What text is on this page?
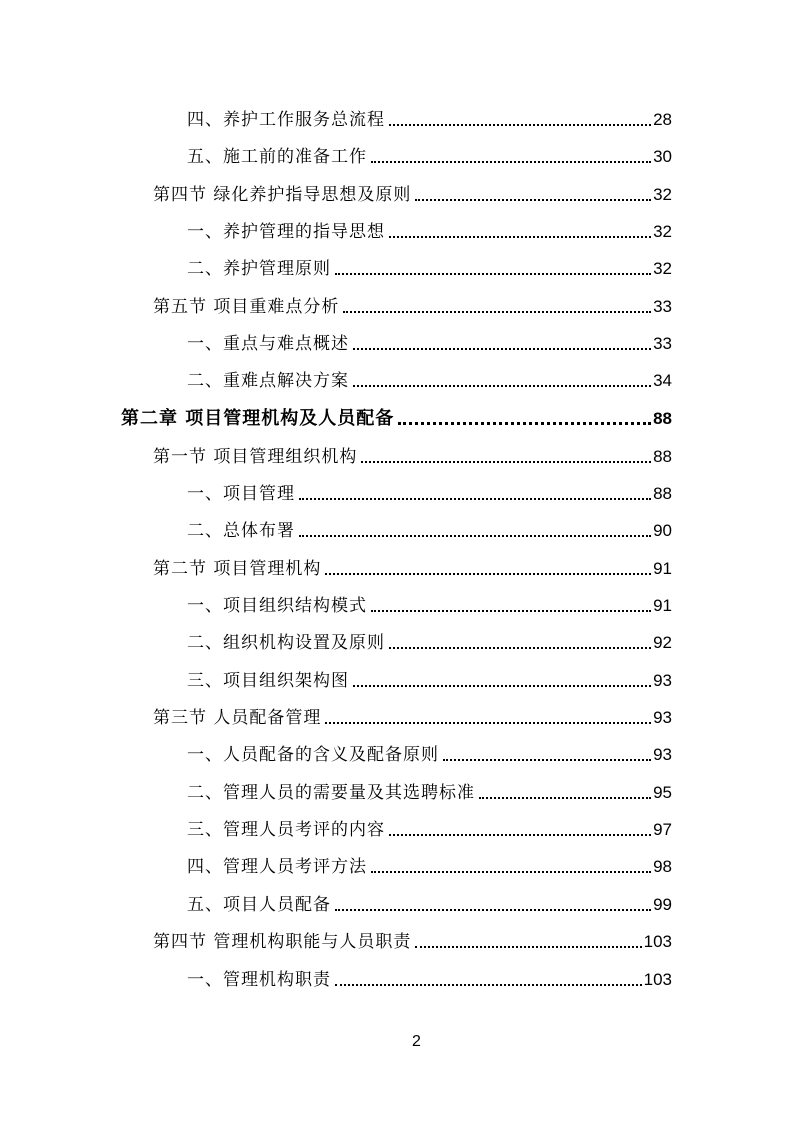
四、养护工作服务总流程	28
五、施工前的准备工作	30
第四节 绿化养护指导思想及原则	32
一、养护管理的指导思想	32
二、养护管理原则	32
第五节 项目重难点分析	33
一、重点与难点概述	33
二、重难点解决方案	34
第二章 项目管理机构及人员配备	88
第一节 项目管理组织机构	88
一、项目管理	88
二、总体布署	90
第二节 项目管理机构	91
一、项目组织结构模式	91
二、组织机构设置及原则	92
三、项目组织架构图	93
第三节 人员配备管理	93
一、人员配备的含义及配备原则	93
二、管理人员的需要量及其选聘标准	95
三、管理人员考评的内容	97
四、管理人员考评方法	98
五、项目人员配备	99
第四节 管理机构职能与人员职责	103
一、管理机构职责	103
2
